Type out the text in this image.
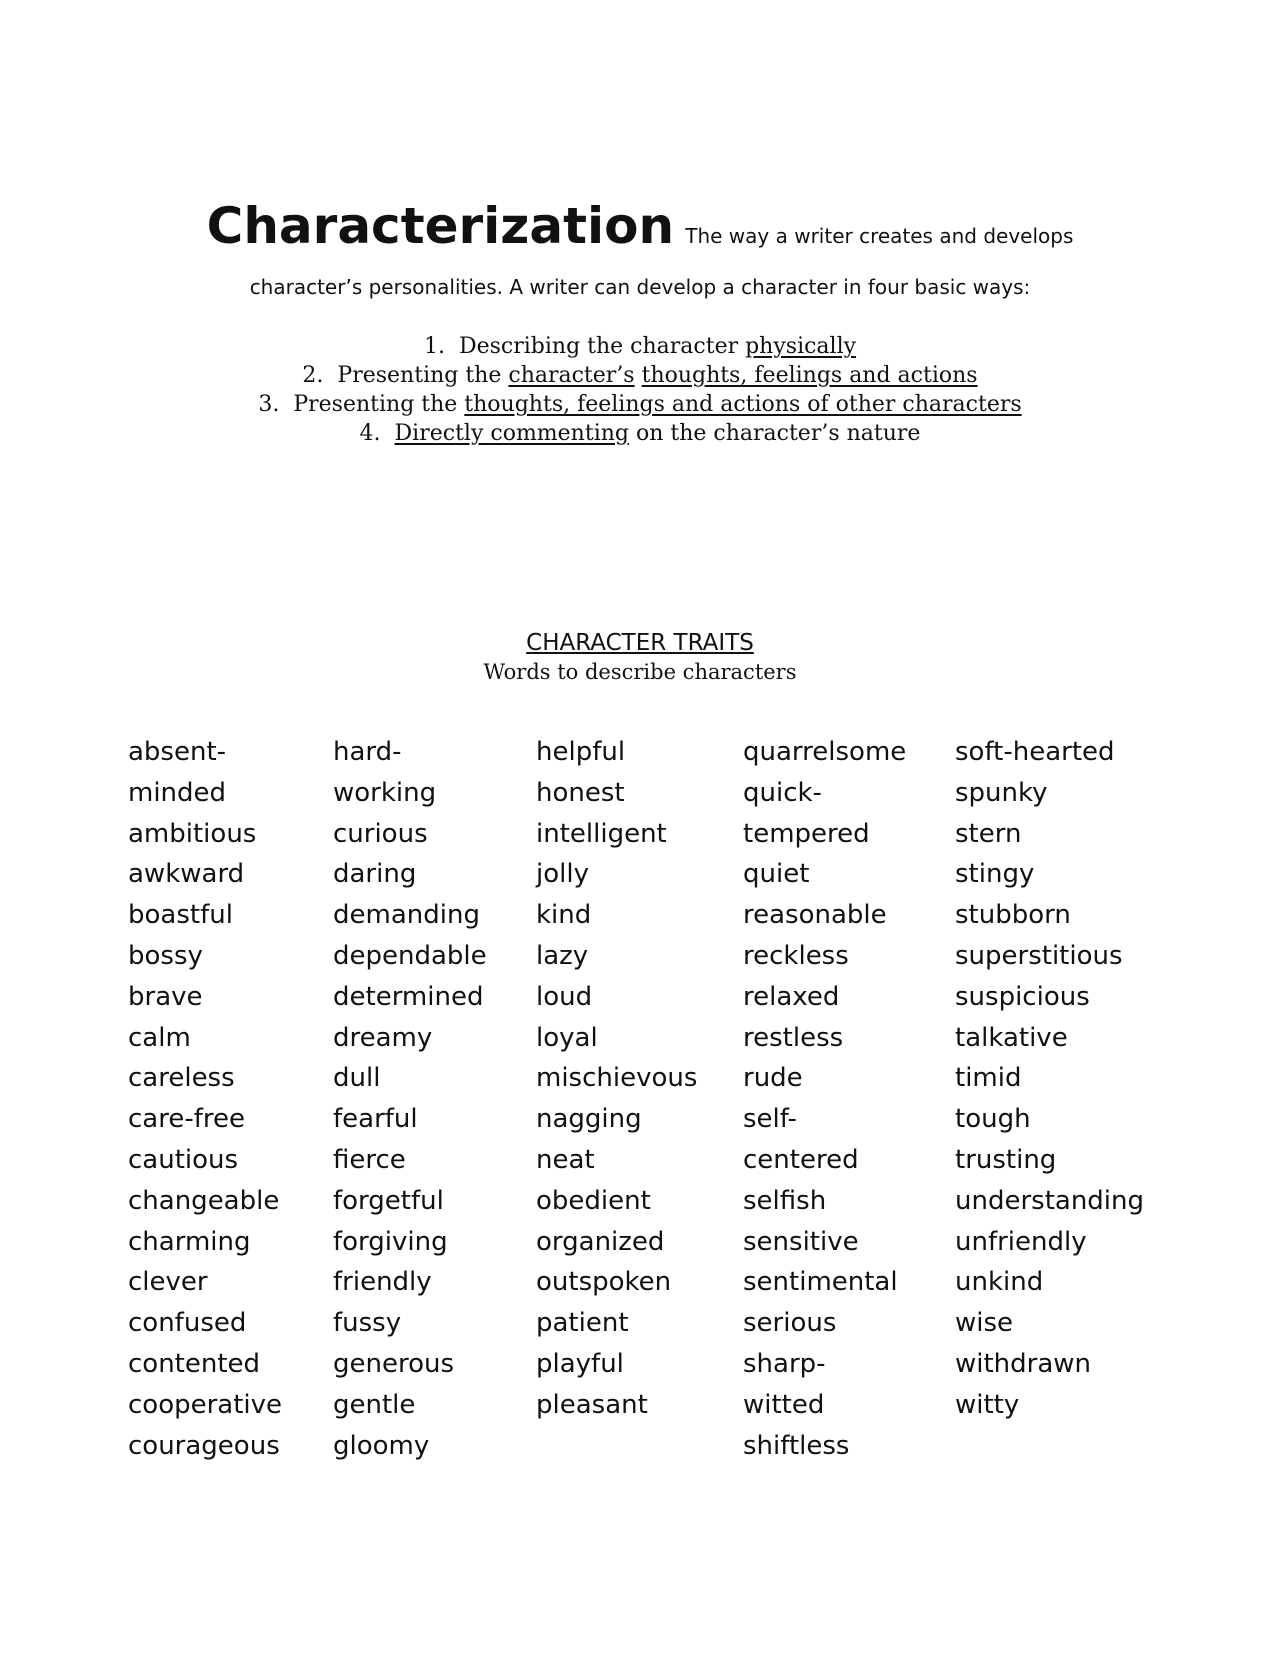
Characterization The way a writer creates and develops
character’s personalities. A writer can develop a character in four basic ways:
1. Describing the character physically
2. Presenting the character’s thoughts, feelings and actions
3. Presenting the thoughts, feelings and actions of other characters
4. Directly commenting on the character’s nature
CHARACTER TRAITS
Words to describe characters
absent-
minded
ambitious
awkward
boastful
bossy
brave
calm
careless
care-free
cautious
changeable
charming
clever
confused
contented
cooperative
courageous
hard-
working
curious
daring
demanding
dependable
determined
dreamy
dull
fearful
fierce
forgetful
forgiving
friendly
fussy
generous
gentle
gloomy
helpful
honest
intelligent
jolly
kind
lazy
loud
loyal
mischievous
nagging
neat
obedient
organized
outspoken
patient
playful
pleasant
quarrelsome
quick-
tempered
quiet
reasonable
reckless
relaxed
restless
rude
self-
centered
selfish
sensitive
sentimental
serious
sharp-
witted
shiftless
soft-hearted
spunky
stern
stingy
stubborn
superstitious
suspicious
talkative
timid
tough
trusting
understanding
unfriendly
unkind
wise
withdrawn
witty
